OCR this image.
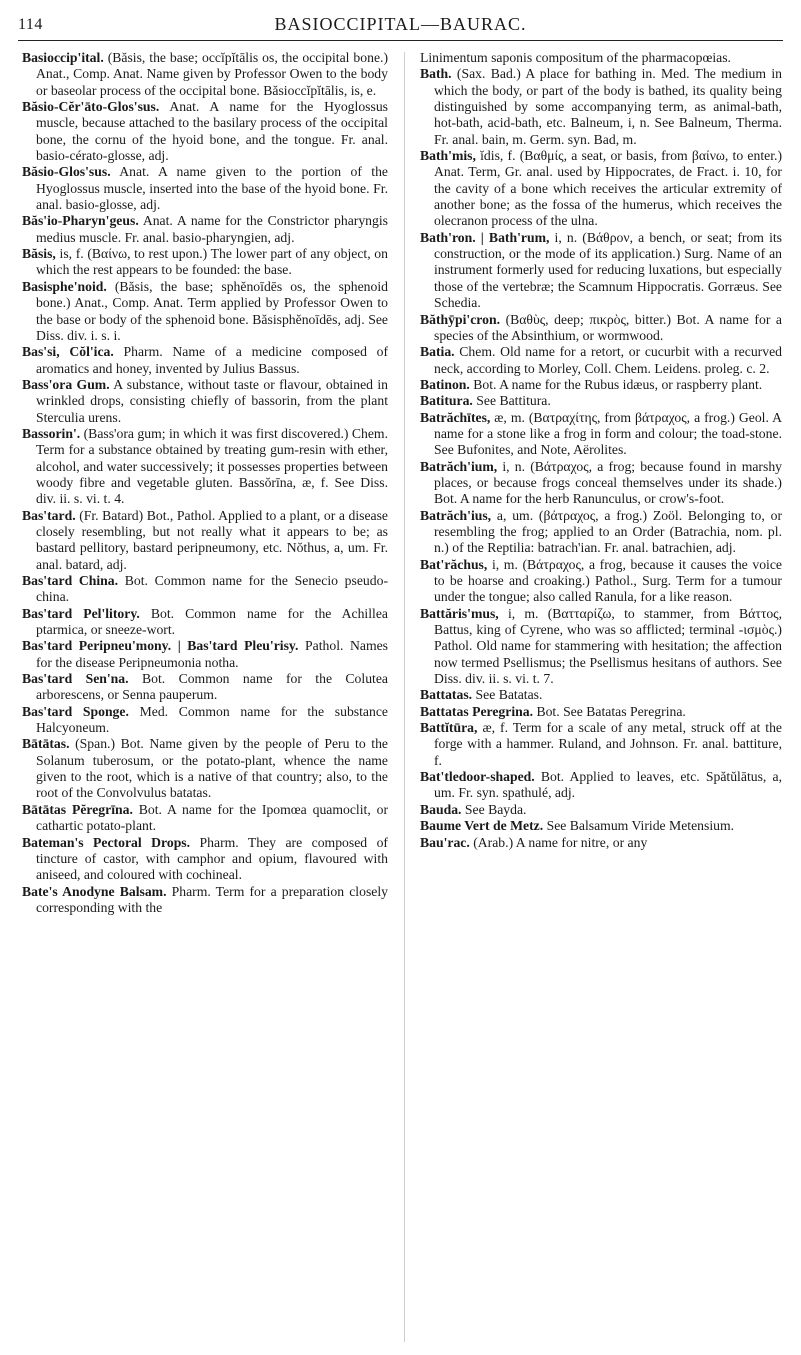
114	BASIOCCIPITAL—BAURAC.

Basioccip'ital. (Băsis, the base; occĭpĭtālis os, the occipital bone.) Anat., Comp. Anat. Name given by Professor Owen to the body or baseolar process of the occipital bone. Băsioccĭpĭtālis, is, e.

Băsio-Cĕr'āto-Glos'sus. Anat. A name for the Hyoglossus muscle, because attached to the basilary process of the occipital bone, the cornu of the hyoid bone, and the tongue. Fr. anal. basio-cérato-glosse, adj.

Băsio-Glos'sus. Anat. A name given to the portion of the Hyoglossus muscle, inserted into the base of the hyoid bone. Fr. anal. basio-glosse, adj.

Băs'io-Pharyn'geus. Anat. A name for the Constrictor pharyngis medius muscle. Fr. anal. basio-pharyngien, adj.

Băsis, is, f. (Βαίνω, to rest upon.) The lower part of any object, on which the rest appears to be founded: the base.

Basisphe'noid. (Băsis, the base; sphĕnoīdēs os, the sphenoid bone.) Anat., Comp. Anat. Term applied by Professor Owen to the base or body of the sphenoid bone. Băsisphĕnoīdēs, adj. See Diss. div. i. s. i.

Bas'si, Cŏl'ica. Pharm. Name of a medicine composed of aromatics and honey, invented by Julius Bassus.

Bass'ora Gum. A substance, without taste or flavour, obtained in wrinkled drops, consisting chiefly of bassorin, from the plant Sterculia urens.

Bassorin'. (Bass'ora gum; in which it was first discovered.) Chem. Term for a substance obtained by treating gum-resin with ether, alcohol, and water successively; it possesses properties between woody fibre and vegetable gluten. Bassŏrīna, æ, f. See Diss. div. ii. s. vi. t. 4.

Bas'tard. (Fr. Batard) Bot., Pathol. Applied to a plant, or a disease closely resembling, but not really what it appears to be; as bastard pellitory, bastard peripneumony, etc. Nŏthus, a, um. Fr. anal. batard, adj.

Bas'tard China. Bot. Common name for the Senecio pseudo-china.

Bas'tard Pel'litory. Bot. Common name for the Achillea ptarmica, or sneeze-wort.

Bas'tard Peripneu'mony. | Bas'tard Pleu'risy. Pathol. Names for the disease Peripneumonia notha.

Bas'tard Sen'na. Bot. Common name for the Colutea arborescens, or Senna pauperum.

Bas'tard Sponge. Med. Common name for the substance Halcyoneum.

Bātātas. (Span.) Bot. Name given by the people of Peru to the Solanum tuberosum, or the potato-plant, whence the name given to the root, which is a native of that country; also, to the root of the Convolvulus batatas.

Bātātas Pĕregrīna. Bot. A name for the Ipomœa quamoclit, or cathartic potato-plant.

Bateman's Pectoral Drops. Pharm. They are composed of tincture of castor, with camphor and opium, flavoured with aniseed, and coloured with cochineal.

Bate's Anodyne Balsam. Pharm. Term for a preparation closely corresponding with the

Linimentum saponis compositum of the pharmacopœias.

Bath. (Sax. Bad.) A place for bathing in. Med. The medium in which the body, or part of the body is bathed, its quality being distinguished by some accompanying term, as animal-bath, hot-bath, acid-bath, etc. Balneum, i, n. See Balneum, Therma. Fr. anal. bain, m. Germ. syn. Bad, m.

Bath'mis, ĭdis, f. (Βαθμίς, a seat, or basis, from βαίνω, to enter.) Anat. Term, Gr. anal. used by Hippocrates, de Fract. i. 10, for the cavity of a bone which receives the articular extremity of another bone; as the fossa of the humerus, which receives the olecranon process of the ulna.

Bath'ron. | Bath'rum, i, n. (Βάθρον, a bench, or seat; from its construction, or the mode of its application.) Surg. Name of an instrument formerly used for reducing luxations, but especially those of the vertebræ; the Scamnum Hippocratis. Gorræus. See Schedia.

Băthȳpi'cron. (Βαθὺς, deep; πικρὸς, bitter.) Bot. A name for a species of the Absinthium, or wormwood.

Batia. Chem. Old name for a retort, or cucurbit with a recurved neck, according to Morley, Coll. Chem. Leidens. proleg. c. 2.

Batinon. Bot. A name for the Rubus idæus, or raspberry plant.

Batitura. See Battitura.

Batrăchītes, æ, m. (Βατραχίτης, from βάτραχος, a frog.) Geol. A name for a stone like a frog in form and colour; the toad-stone. See Bufonites, and Note, Aërolites.

Batrăch'ium, i, n. (Βάτραχος, a frog; because found in marshy places, or because frogs conceal themselves under its shade.) Bot. A name for the herb Ranunculus, or crow's-foot.

Batrăch'ius, a, um. (βάτραχος, a frog.) Zoöl. Belonging to, or resembling the frog; applied to an Order (Batrachia, nom. pl. n.) of the Reptilia: batrach'ian. Fr. anal. batrachien, adj.

Bat'răchus, i, m. (Βάτραχος, a frog, because it causes the voice to be hoarse and croaking.) Pathol., Surg. Term for a tumour under the tongue; also called Ranula, for a like reason.

Battăris'mus, i, m. (Βατταρίζω, to stammer, from Βάττος, Battus, king of Cyrene, who was so afflicted; terminal -ισμὸς.) Pathol. Old name for stammering with hesitation; the affection now termed Psellismus; the Psellismus hesitans of authors. See Diss. div. ii. s. vi. t. 7.

Battatas. See Batatas.

Battatas Peregrina. Bot. See Batatas Peregrina.

Battĭtūra, æ, f. Term for a scale of any metal, struck off at the forge with a hammer. Ruland, and Johnson. Fr. anal. battiture, f.

Bat'tledoor-shaped. Bot. Applied to leaves, etc. Spătŭlātus, a, um. Fr. syn. spathulé, adj.

Bauda. See Bayda.

Baume Vert de Metz. See Balsamum Viride Metensium.

Bau'rac. (Arab.) A name for nitre, or any
